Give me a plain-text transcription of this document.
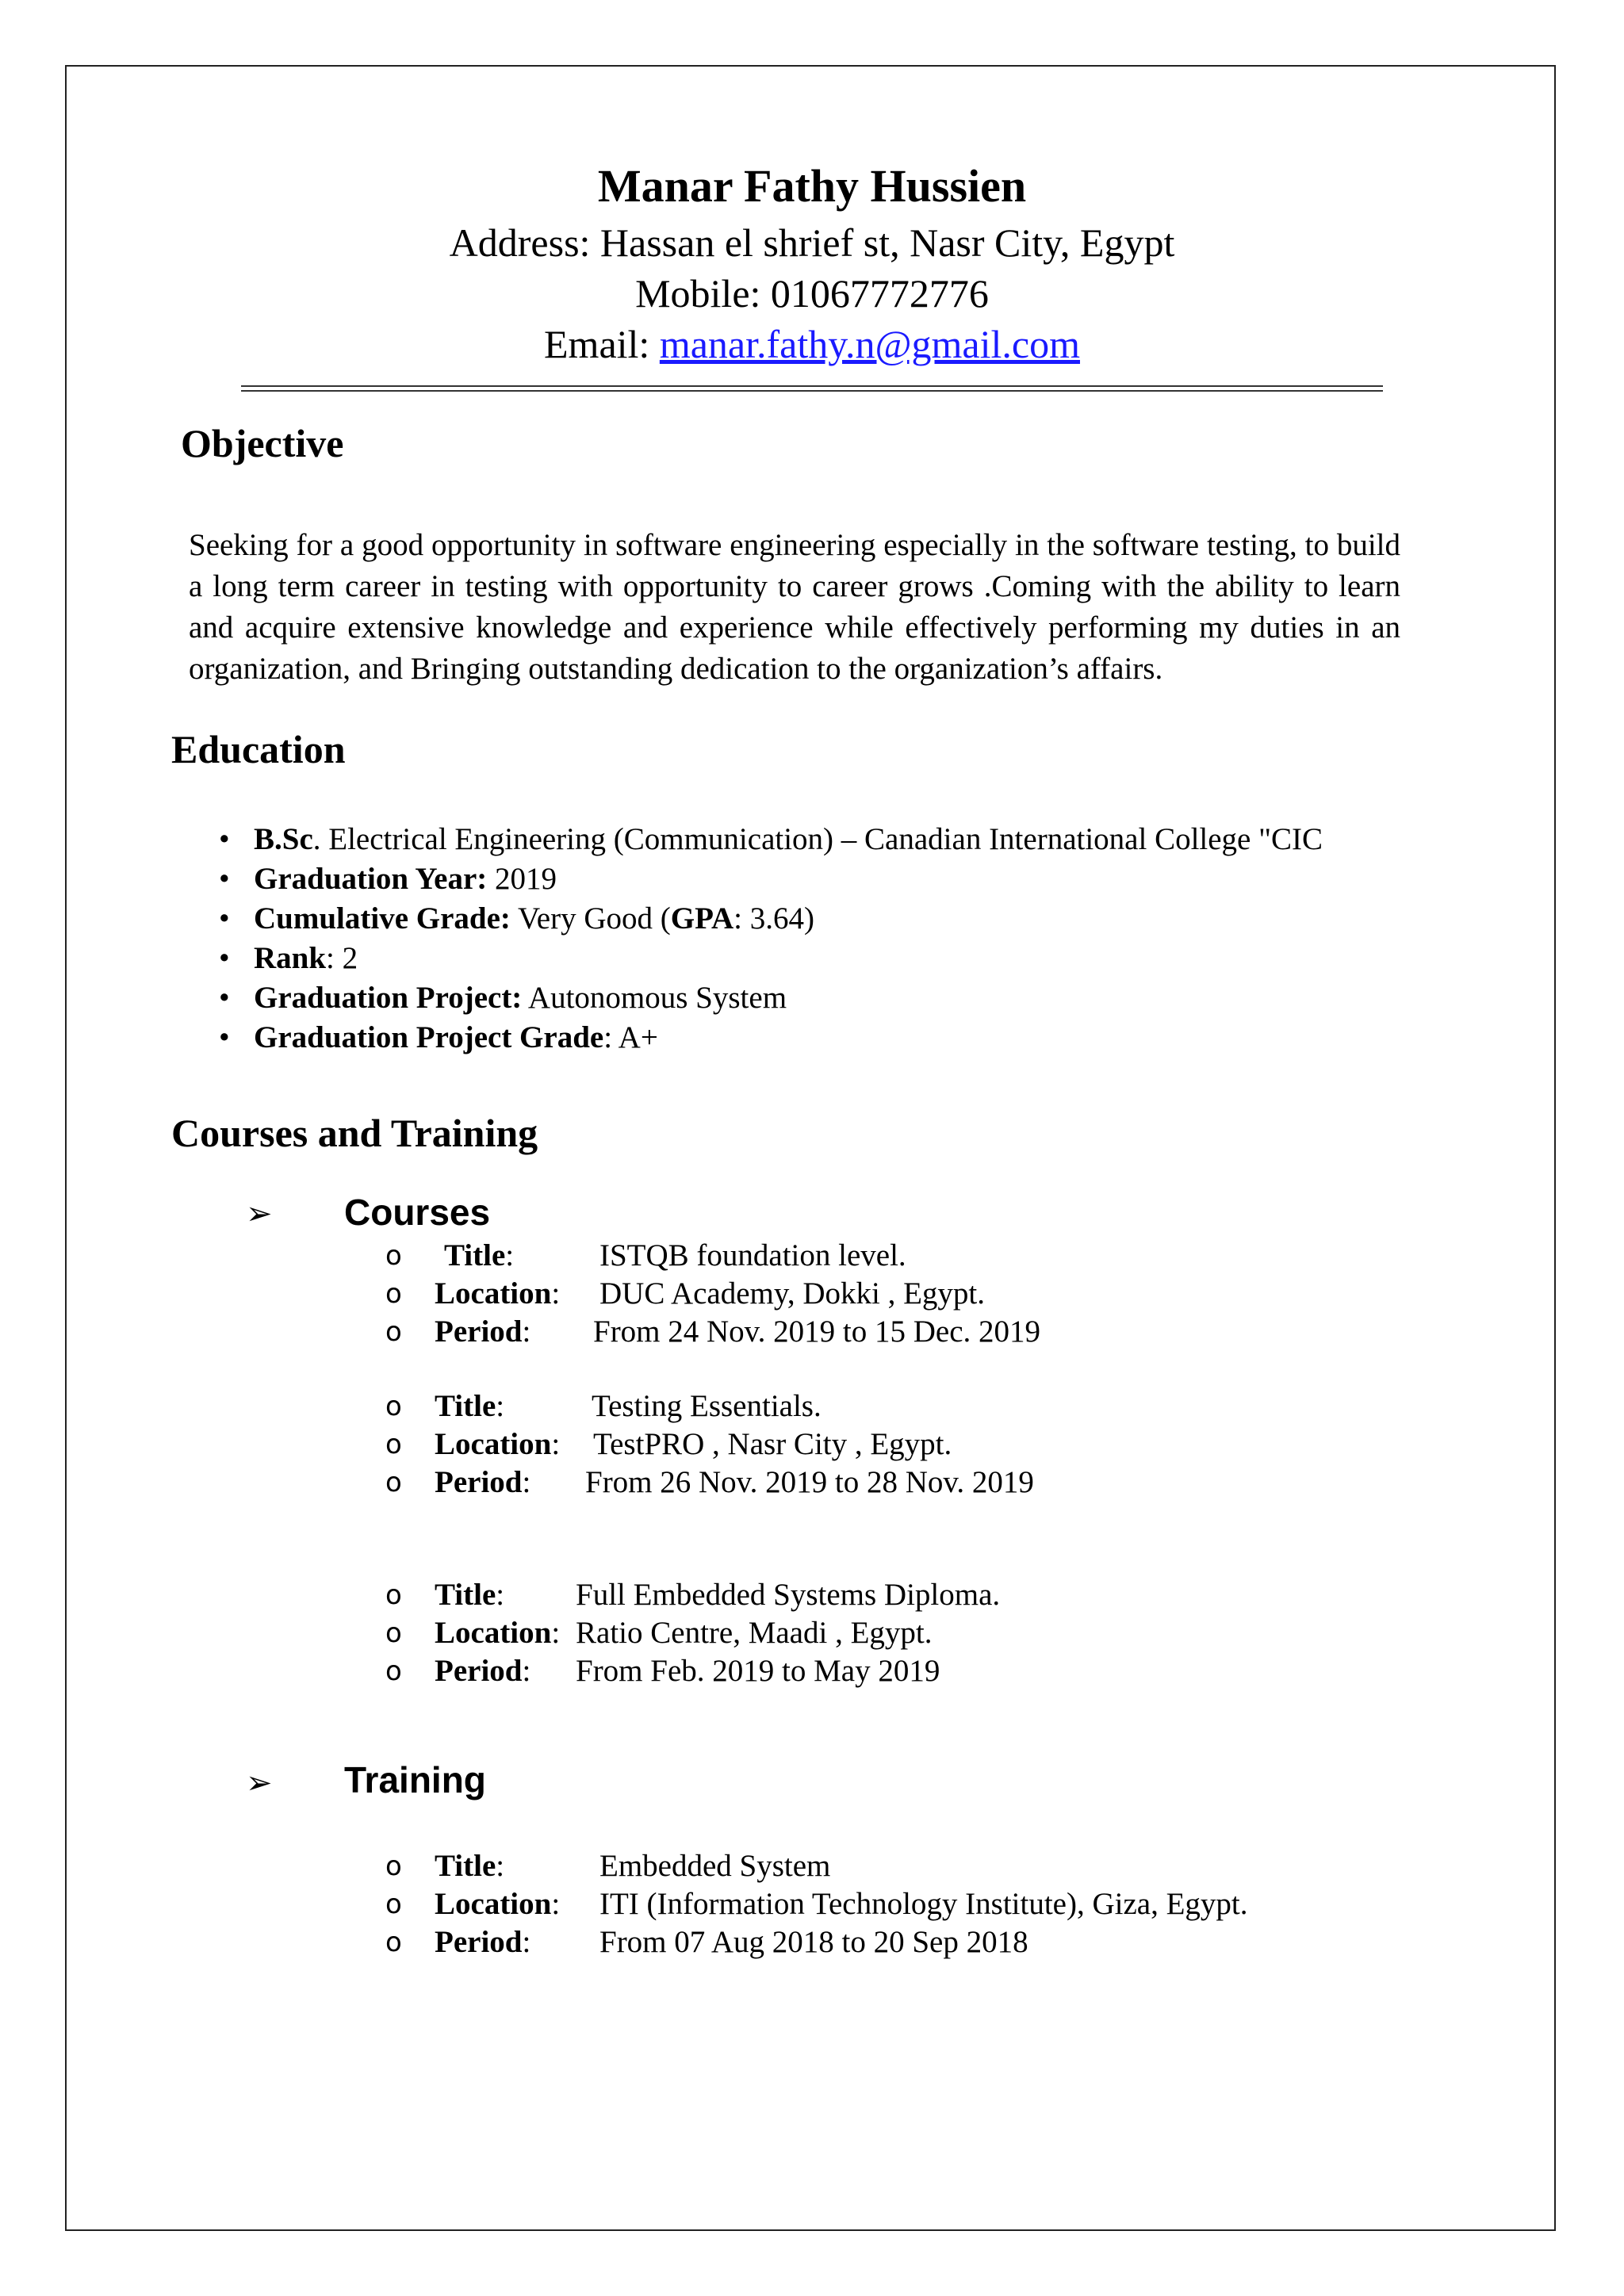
Manar Fathy Hussien
Address: Hassan el shrief st, Nasr City, Egypt
Mobile: 01067772776
Email: manar.fathy.n@gmail.com
Objective
Seeking for a good opportunity in software engineering especially in the software testing, to build a long term career in testing with opportunity to career grows .Coming with the ability to learn and acquire extensive knowledge and experience while effectively performing my duties in an organization, and Bringing outstanding dedication to the organization’s affairs.
Education
• B.Sc. Electrical Engineering (Communication) – Canadian International College "CIC
• Graduation Year: 2019
• Cumulative Grade: Very Good (GPA: 3.64)
• Rank: 2
• Graduation Project: Autonomous System
• Graduation Project Grade: A+
Courses and Training
➢ Courses
o Title:	ISTQB foundation level.
o Location: DUC Academy, Dokki , Egypt.
o Period: From 24 Nov. 2019 to 15 Dec. 2019
o Title:	Testing Essentials.
o Location: TestPRO , Nasr City , Egypt.
o Period: From 26 Nov. 2019 to 28 Nov. 2019
o Title: Full Embedded Systems Diploma.
o Location: Ratio Centre, Maadi , Egypt.
o Period: From Feb. 2019 to May 2019
➢ Training
o Title:	Embedded System
o Location: ITI (Information Technology Institute), Giza, Egypt.
o Period: From 07 Aug 2018 to 20 Sep 2018
